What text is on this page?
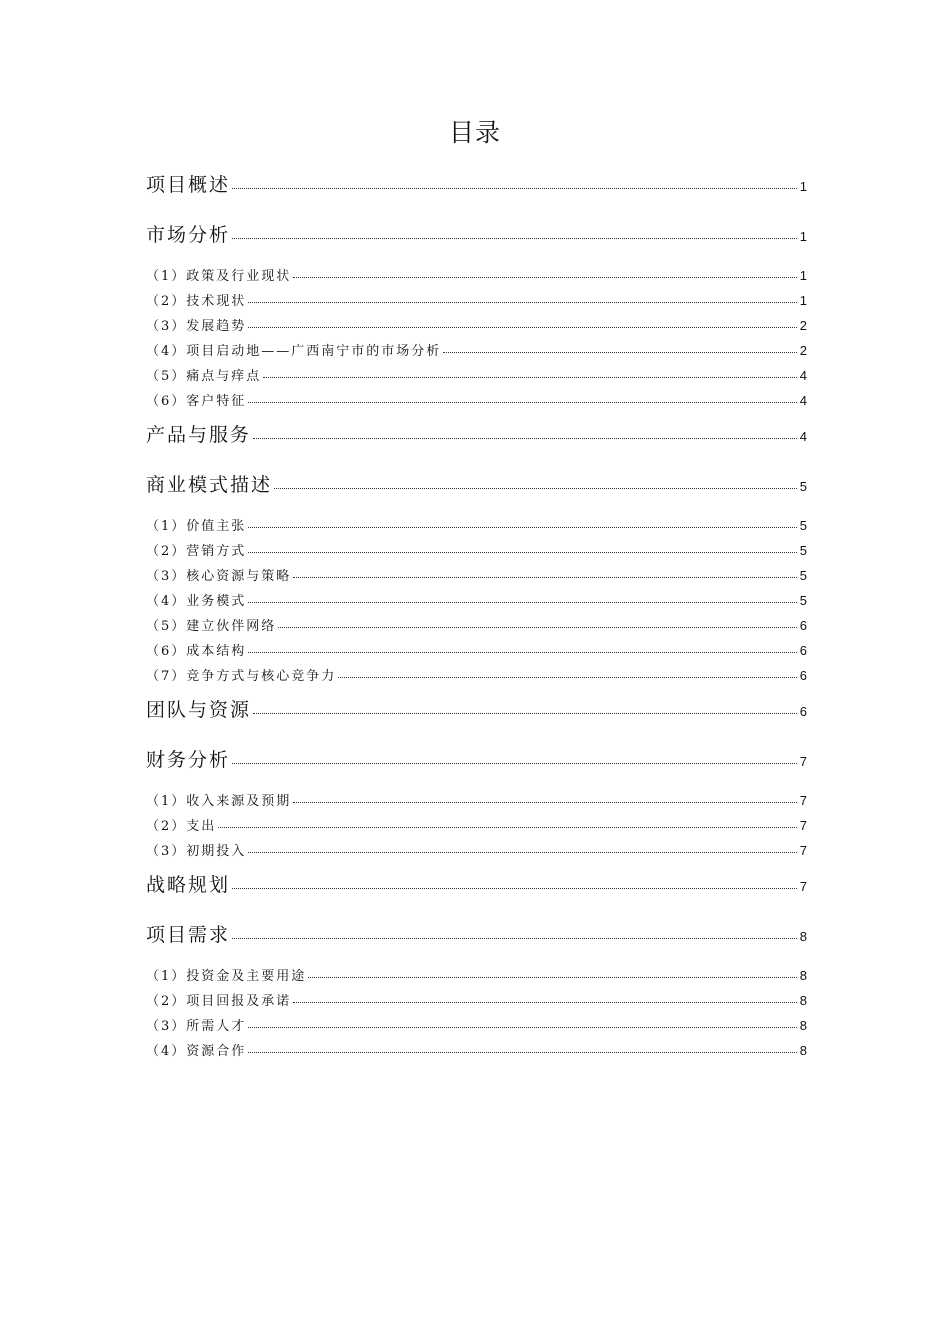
目录
项目概述	1
市场分析	1
（1）政策及行业现状	1
（2）技术现状	1
（3）发展趋势	2
（4）项目启动地——广西南宁市的市场分析	2
（5）痛点与痒点	4
（6）客户特征	4
产品与服务	4
商业模式描述	5
（1）价值主张	5
（2）营销方式	5
（3）核心资源与策略	5
（4）业务模式	5
（5）建立伙伴网络	6
（6）成本结构	6
（7）竞争方式与核心竞争力	6
团队与资源	6
财务分析	7
（1）收入来源及预期	7
（2）支出	7
（3）初期投入	7
战略规划	7
项目需求	8
（1）投资金及主要用途	8
（2）项目回报及承诺	8
（3）所需人才	8
（4）资源合作	8
